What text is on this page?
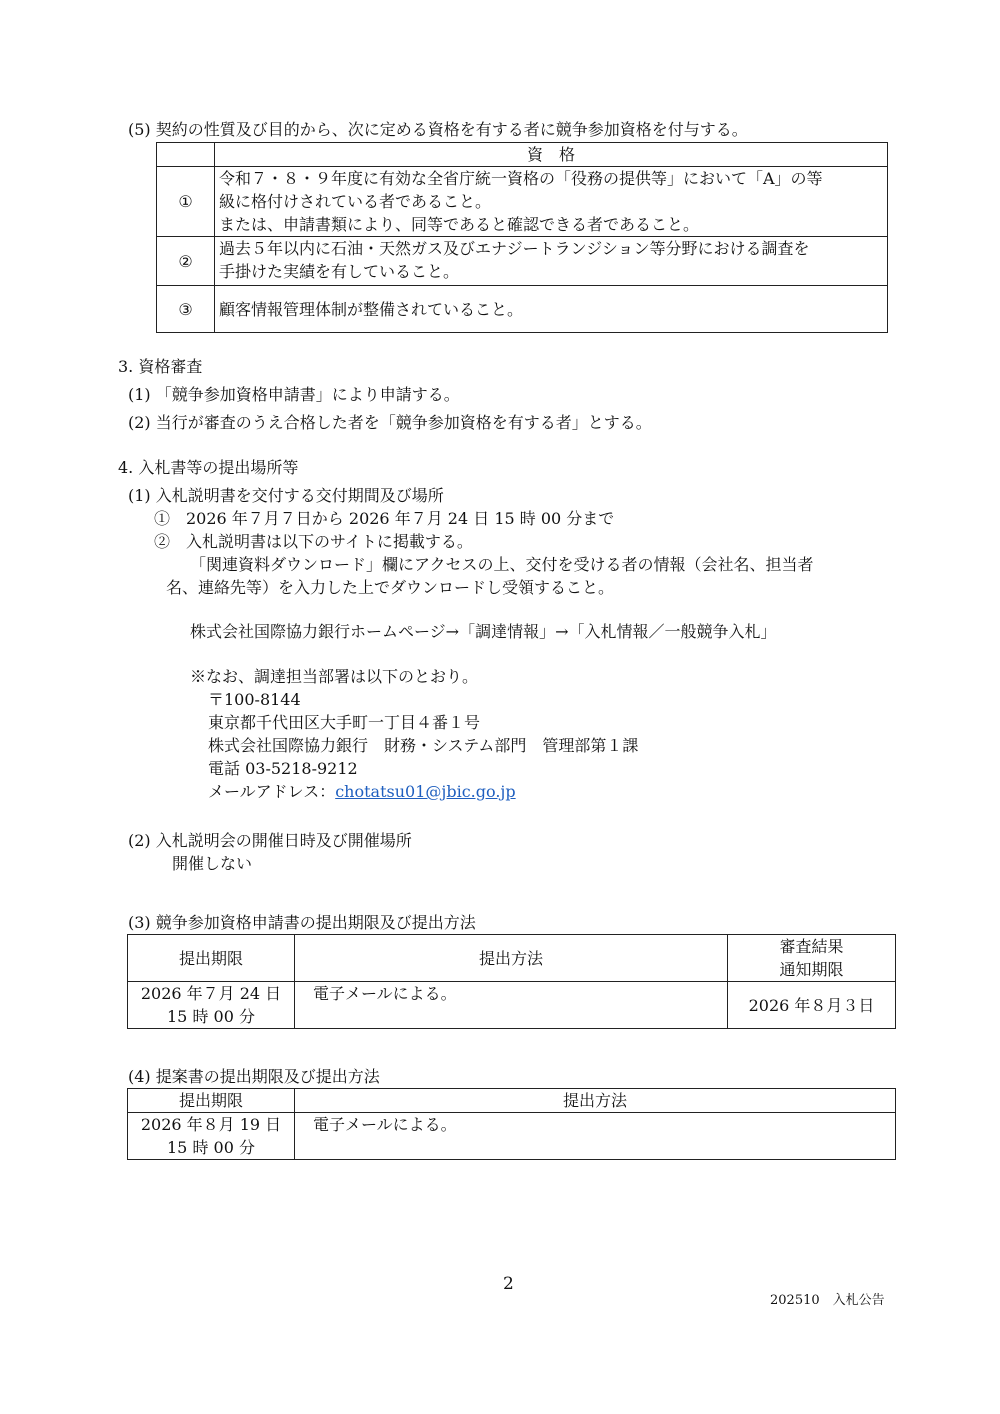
(5) 契約の性質及び目的から、次に定める資格を有する者に競争参加資格を付与する。
	資　格
①	令和７・８・９年度に有効な全省庁統一資格の「役務の提供等」において「A」の等
級に格付けされている者であること。
または、申請書類により、同等であると確認できる者であること。

②	過去５年以内に石油・天然ガス及びエナジートランジション等分野における調査を
手掛けた実績を有していること。

③	顧客情報管理体制が整備されていること。
3. 資格審査
(1) 「競争参加資格申請書」により申請する。
(2) 当行が審査のうえ合格した者を「競争参加資格を有する者」とする。
4. 入札書等の提出場所等
(1) 入札説明書を交付する交付期間及び場所
①　2026 年７月７日から 2026 年７月 24 日 15 時 00 分まで
②　入札説明書は以下のサイトに掲載する。
「関連資料ダウンロード」欄にアクセスの上、交付を受ける者の情報（会社名、担当者
名、連絡先等）を入力した上でダウンロードし受領すること。
株式会社国際協力銀行ホームページ→「調達情報」→「入札情報／一般競争入札」
※なお、調達担当部署は以下のとおり。
〒100-8144
東京都千代田区大手町一丁目４番１号
株式会社国際協力銀行　財務・システム部門　管理部第１課
電話 03-5218-9212
メールアドレス：chotatsu01@jbic.go.jp
(2) 入札説明会の開催日時及び開催場所
開催しない
(3) 競争参加資格申請書の提出期限及び提出方法
提出期限	提出方法	審査結果
通知期限

2026 年７月 24 日
15 時 00 分	電子メールによる。	2026 年８月３日
(4) 提案書の提出期限及び提出方法
提出期限	提出方法

2026 年８月 19 日
15 時 00 分	電子メールによる。
2
202510　入札公告
